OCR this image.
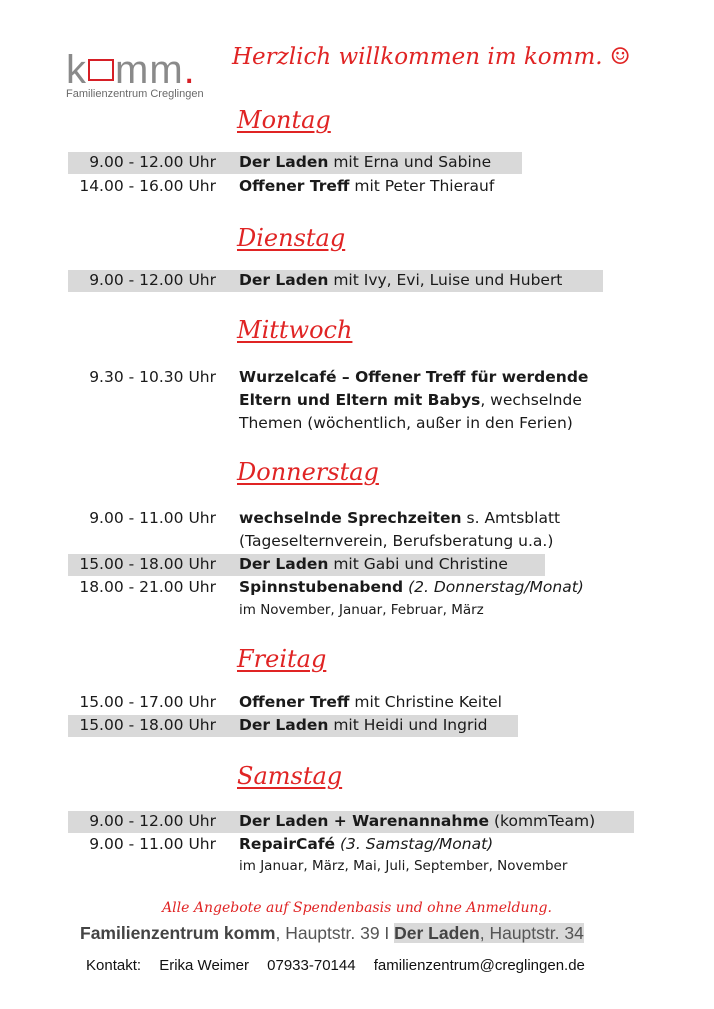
k mm.
Familienzentrum Creglingen
Herzlich willkommen im komm. ☺
Montag
9.00 - 12.00 Uhr Der Laden mit Erna und Sabine
14.00 - 16.00 Uhr Offener Treff mit Peter Thierauf
Dienstag
9.00 - 12.00 Uhr Der Laden mit Ivy, Evi, Luise und Hubert
Mittwoch
9.30 - 10.30 Uhr Wurzelcafé – Offener Treff für werdende
Eltern und Eltern mit Babys, wechselnde
Themen (wöchentlich, außer in den Ferien)
Donnerstag
9.00 - 11.00 Uhr wechselnde Sprechzeiten s. Amtsblatt
(Tageselternverein, Berufsberatung u.a.)
15.00 - 18.00 Uhr Der Laden mit Gabi und Christine
18.00 - 21.00 Uhr Spinnstubenabend (2. Donnerstag/Monat)
im November, Januar, Februar, März
Freitag
15.00 - 17.00 Uhr Offener Treff mit Christine Keitel
15.00 - 18.00 Uhr Der Laden mit Heidi und Ingrid
Samstag
9.00 - 12.00 Uhr Der Laden + Warenannahme (kommTeam)
9.00 - 11.00 Uhr RepairCafé (3. Samstag/Monat)
im Januar, März, Mai, Juli, September, November
Alle Angebote auf Spendenbasis und ohne Anmeldung.
Familienzentrum komm, Hauptstr. 39 I Der Laden, Hauptstr. 34
Kontakt: Erika Weimer 07933-70144 familienzentrum@creglingen.de
